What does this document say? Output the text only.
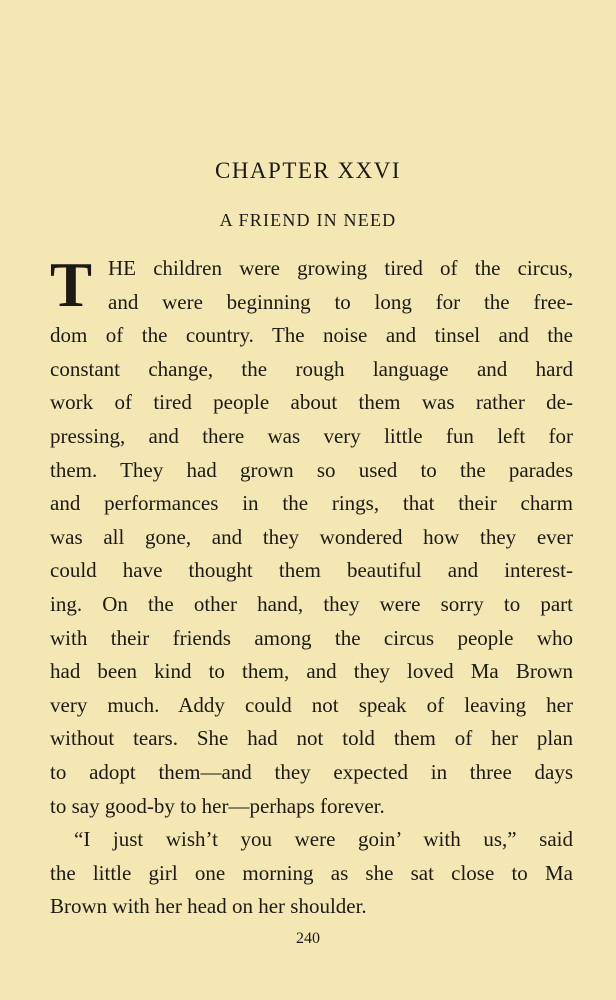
CHAPTER XXVI
A FRIEND IN NEED
T HE children were growing tired of the circus,
and were beginning to long for the free-
dom of the country. The noise and tinsel and the
constant change, the rough language and hard
work of tired people about them was rather de-
pressing, and there was very little fun left for
them. They had grown so used to the parades
and performances in the rings, that their charm
was all gone, and they wondered how they ever
could have thought them beautiful and interest-
ing. On the other hand, they were sorry to part
with their friends among the circus people who
had been kind to them, and they loved Ma Brown
very much. Addy could not speak of leaving her
without tears. She had not told them of her plan
to adopt them—and they expected in three days
to say good-by to her—perhaps forever.
“I just wish’t you were goin’ with us,” said
the little girl one morning as she sat close to Ma
Brown with her head on her shoulder.
240
